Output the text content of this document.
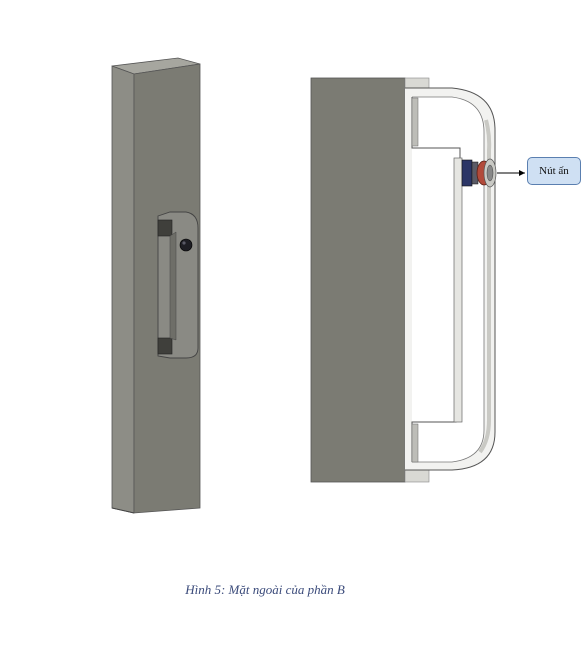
Nút ấn
Hình 5: Mặt ngoài của phần B
